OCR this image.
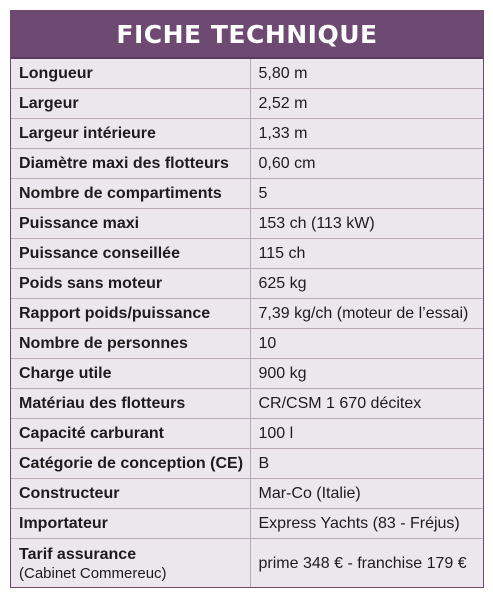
FICHE TECHNIQUE
Longueur	5,80 m
Largeur	2,52 m
Largeur intérieure	1,33 m
Diamètre maxi des flotteurs	0,60 cm
Nombre de compartiments	5
Puissance maxi	153 ch (113 kW)
Puissance conseillée	115 ch
Poids sans moteur	625 kg
Rapport poids/puissance	7,39 kg/ch (moteur de l’essai)
Nombre de personnes	10
Charge utile	900 kg
Matériau des flotteurs	CR/CSM 1 670 décitex
Capacité carburant	100 l
Catégorie de conception (CE)	B
Constructeur	Mar-Co (Italie)
Importateur	Express Yachts (83 - Fréjus)
Tarif assurance
(Cabinet Commereuc)	prime 348 € - franchise 179 €
